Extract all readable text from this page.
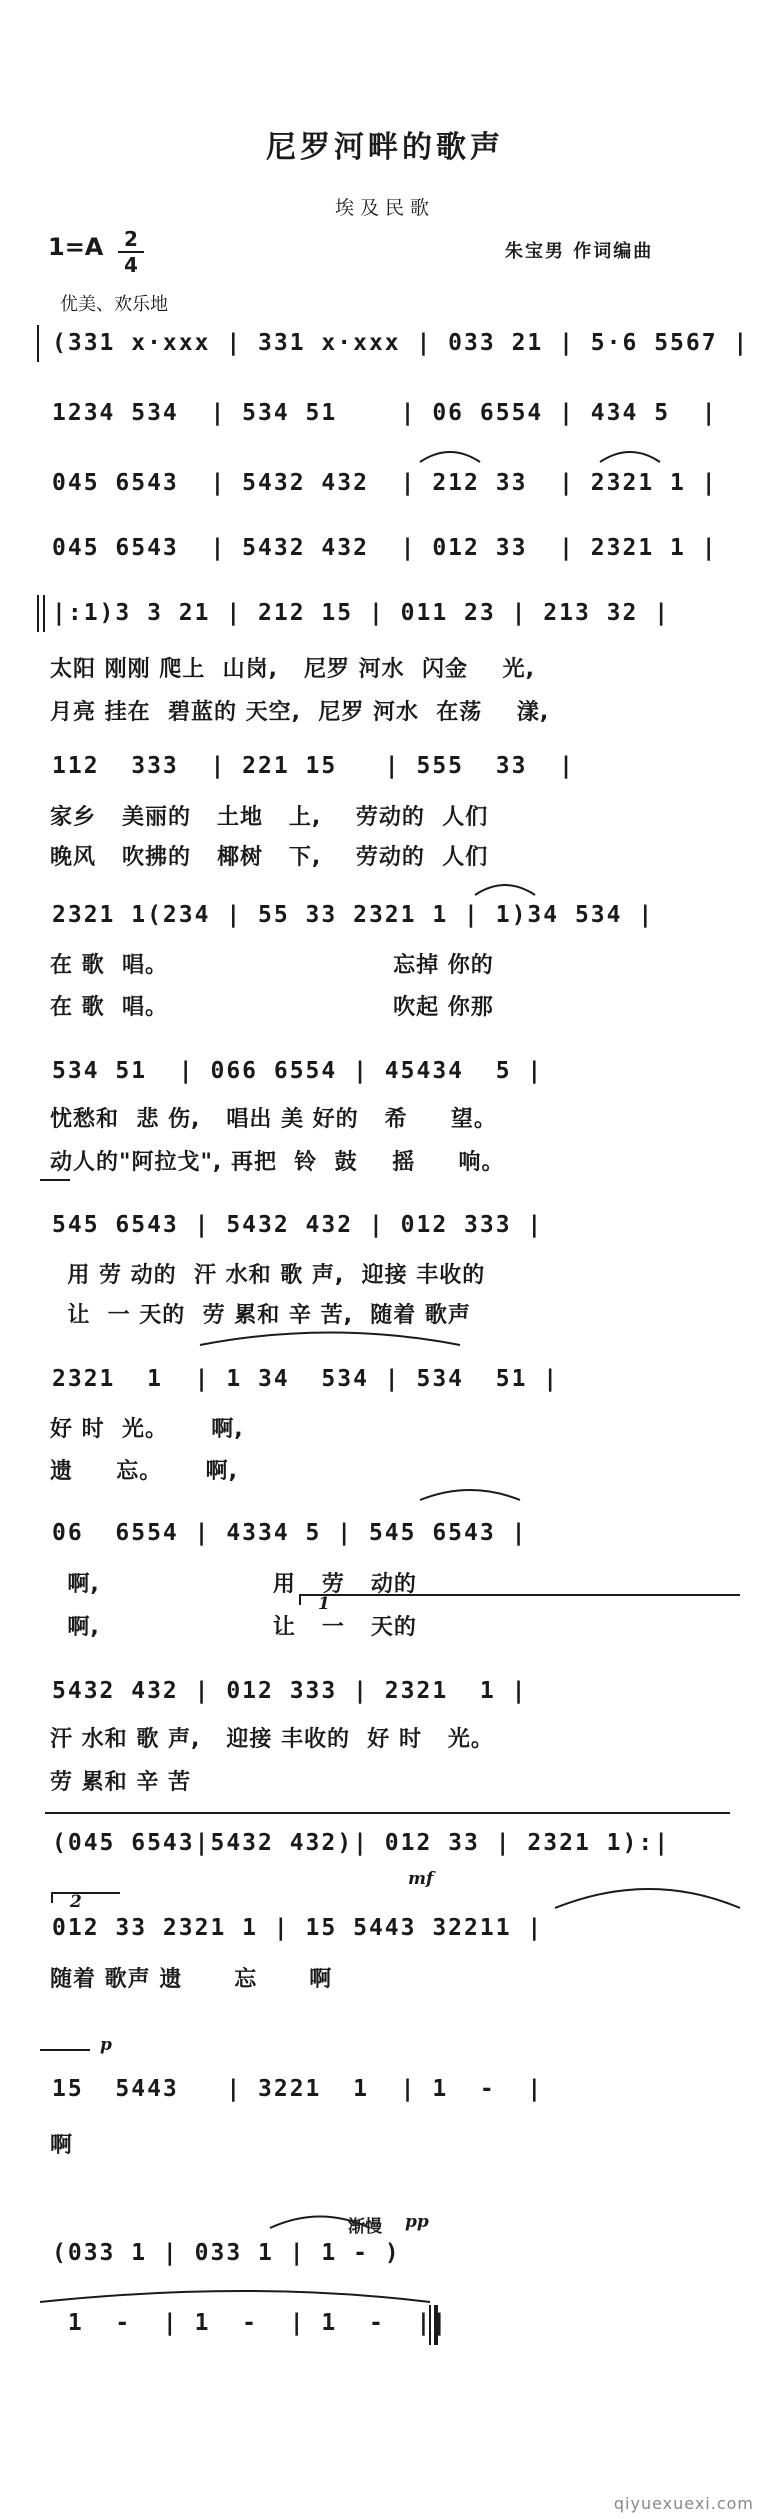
尼罗河畔的歌声
埃及民歌
1=A	2
4
朱宝男 作词编曲
优美、欢乐地
(331 x·xxx | 331 x·xxx | 033 21 | 5·6 5567 |
1234 534  | 534 51    | 06 6554 | 434 5  |
045 6543  | 5432 432  | 212 33  | 2321 1 |
045 6543  | 5432 432  | 012 33  | 2321 1 |
|:1)3 3 21 | 212 15 | 011 23 | 213 32 |
太阳 刚刚 爬上  山岗,   尼罗 河水  闪金    光,
月亮 挂在  碧蓝的 天空,  尼罗 河水  在荡    漾,
112  333  | 221 15   | 555  33  |
家乡   美丽的   土地   上,    劳动的  人们
晚风   吹拂的   椰树   下,    劳动的  人们
2321 1(234 | 55 33 2321 1 | 1)34 534 |
在 歌  唱。                          忘掉 你的
在 歌  唱。                          吹起 你那
534 51  | 066 6554 | 45434  5 |
忧愁和  悲 伤,   唱出 美 好的   希     望。
动人的"阿拉戈", 再把  铃  鼓    摇     响。
545 6543 | 5432 432 | 012 333 |
用 劳 动的  汗 水和 歌 声,  迎接 丰收的
让  一 天的  劳 累和 辛 苦,  随着 歌声
2321  1  | 1 34  534 | 534  51 |
好 时  光。     啊,
遗     忘。     啊,
06  6554 | 4334 5 | 545 6543 |
啊,                    用   劳   动的
啊,                    让   一   天的
5432 432 | 012 333 | 2321  1 |
汗 水和 歌 声,   迎接 丰收的  好 时   光。
劳 累和 辛 苦
(045 6543|5432 432)| 012 33 | 2321 1):|
012 33 2321 1 | 15 5443 32211 |
随着 歌声 遗      忘      啊
15  5443   | 3221  1  | 1  -  |
啊
(033 1 | 033 1 | 1 - )
1  -  | 1  -  | 1  -  ||
1
2
mf
p
渐慢 pp
qiyuexuexi.com
